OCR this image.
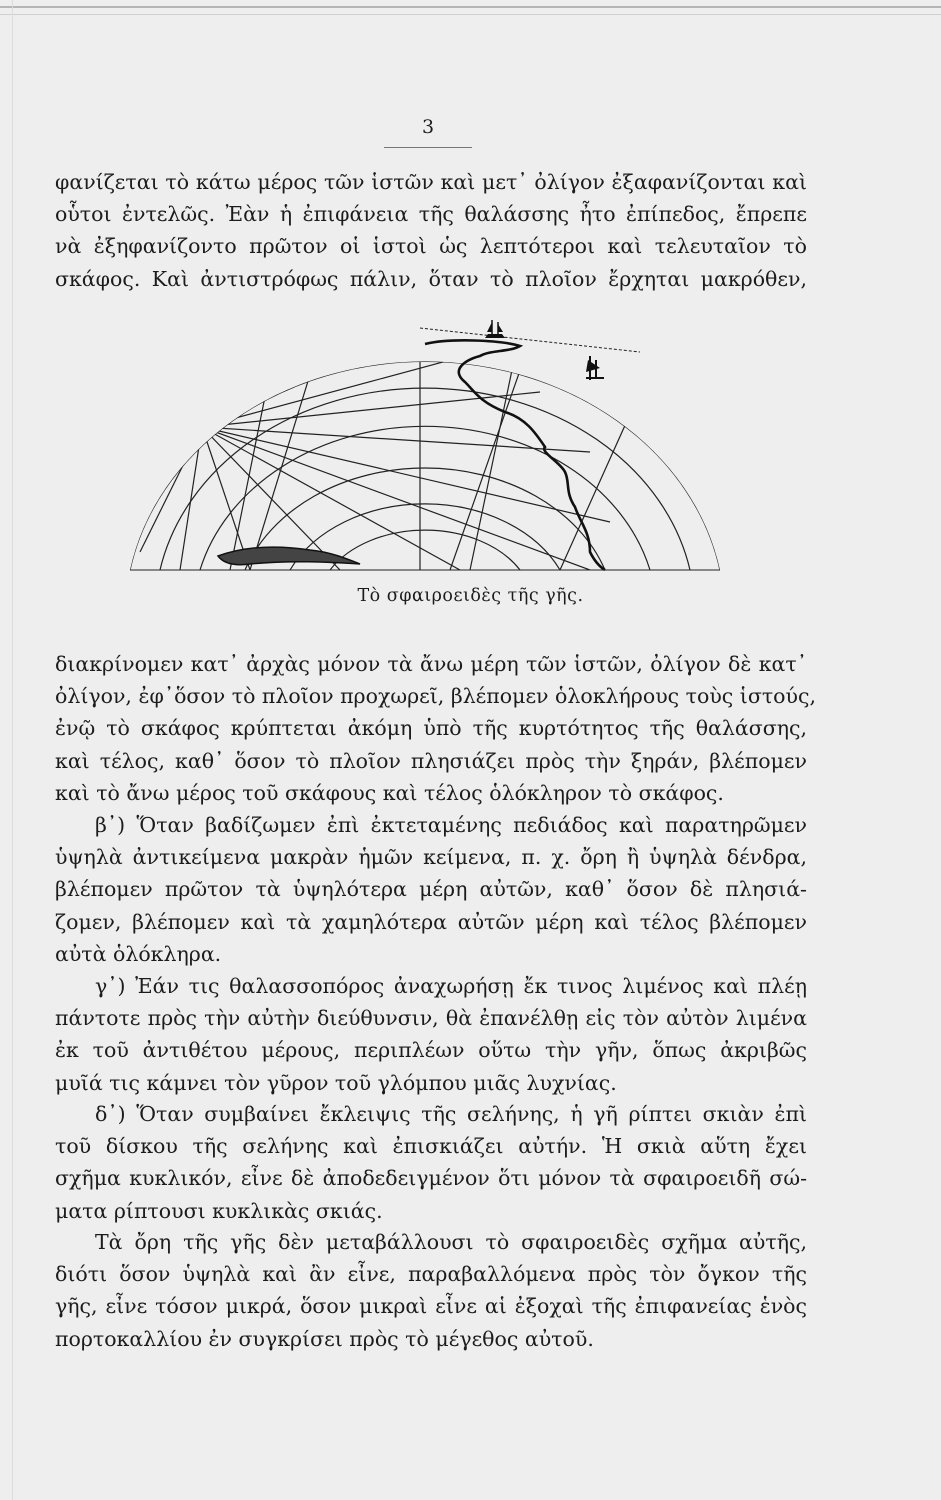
3
φανίζεται τὸ κάτω μέρος τῶν ἱστῶν καὶ μετ᾽ ὀλίγον ἐξαφανίζονται καὶ
οὗτοι ἐντελῶς. Ἐὰν ἡ ἐπιφάνεια τῆς θαλάσσης ἦτο ἐπίπεδος, ἔπρεπε
νὰ ἐξηφανίζοντο πρῶτον οἱ ἱστοὶ ὡς λεπτότεροι καὶ τελευταῖον τὸ
σκάφος. Καὶ ἀντιστρόφως πάλιν, ὅταν τὸ πλοῖον ἔρχηται μακρόθεν,
Τὸ σφαιροειδὲς τῆς γῆς.
διακρίνομεν κατ᾽ ἀρχὰς μόνον τὰ ἄνω μέρη τῶν ἱστῶν, ὀλίγον δὲ κατ᾽
ὀλίγον, ἐφ᾽ὅσον τὸ πλοῖον προχωρεῖ, βλέπομεν ὁλοκλήρους τοὺς ἱστούς,
ἐνῷ τὸ σκάφος κρύπτεται ἀκόμη ὑπὸ τῆς κυρτότητος τῆς θαλάσσης,
καὶ τέλος, καθ᾽ ὅσον τὸ πλοῖον πλησιάζει πρὸς τὴν ξηράν, βλέπομεν
καὶ τὸ ἄνω μέρος τοῦ σκάφους καὶ τέλος ὁλόκληρον τὸ σκάφος.
β᾽) Ὅταν βαδίζωμεν ἐπὶ ἐκτεταμένης πεδιάδος καὶ παρατηρῶμεν
ὑψηλὰ ἀντικείμενα μακρὰν ἡμῶν κείμενα, π. χ. ὄρη ἢ ὑψηλὰ δένδρα,
βλέπομεν πρῶτον τὰ ὑψηλότερα μέρη αὐτῶν, καθ᾽ ὅσον δὲ πλησιά-
ζομεν, βλέπομεν καὶ τὰ χαμηλότερα αὐτῶν μέρη καὶ τέλος βλέπομεν
αὐτὰ ὁλόκληρα.
γ᾽) Ἐάν τις θαλασσοπόρος ἀναχωρήσῃ ἔκ τινος λιμένος καὶ πλέῃ
πάντοτε πρὸς τὴν αὐτὴν διεύθυνσιν, θὰ ἐπανέλθῃ εἰς τὸν αὐτὸν λιμένα
ἐκ τοῦ ἀντιθέτου μέρους, περιπλέων οὕτω τὴν γῆν, ὅπως ἀκριβῶς
μυῖά τις κάμνει τὸν γῦρον τοῦ γλόμπου μιᾶς λυχνίας.
δ᾽) Ὅταν συμβαίνει ἔκλειψις τῆς σελήνης, ἡ γῆ ρίπτει σκιὰν ἐπὶ
τοῦ δίσκου τῆς σελήνης καὶ ἐπισκιάζει αὐτήν. Ἡ σκιὰ αὕτη ἔχει
σχῆμα κυκλικόν, εἶνε δὲ ἀποδεδειγμένον ὅτι μόνον τὰ σφαιροειδῆ σώ-
ματα ρίπτουσι κυκλικὰς σκιάς.
Τὰ ὄρη τῆς γῆς δὲν μεταβάλλουσι τὸ σφαιροειδὲς σχῆμα αὐτῆς,
διότι ὅσον ὑψηλὰ καὶ ἂν εἶνε, παραβαλλόμενα πρὸς τὸν ὄγκον τῆς
γῆς, εἶνε τόσον μικρά, ὅσον μικραὶ εἶνε αἱ ἐξοχαὶ τῆς ἐπιφανείας ἑνὸς
πορτοκαλλίου ἐν συγκρίσει πρὸς τὸ μέγεθος αὐτοῦ.
